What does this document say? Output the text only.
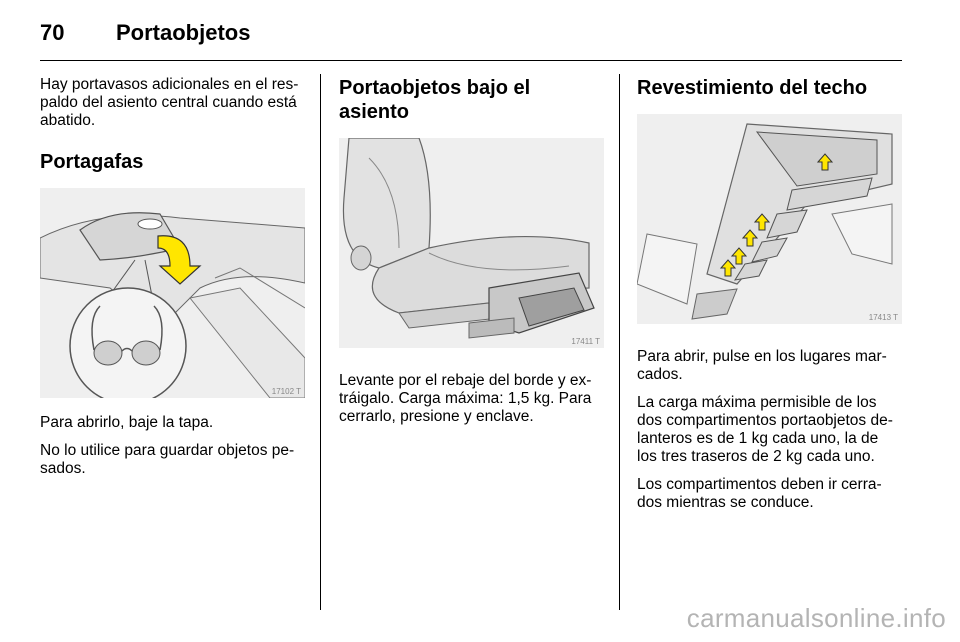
70 Portaobjetos

Hay portavasos adicionales en el res-
paldo del asiento central cuando está
abatido.

Portagafas
17102 T

Para abrirlo, baje la tapa.

No lo utilice para guardar objetos pe-
sados.

Portaobjetos bajo el asiento
17411 T

Levante por el rebaje del borde y ex-
tráigalo. Carga máxima: 1,5 kg. Para
cerrarlo, presione y enclave.

Revestimiento del techo
17413 T

Para abrir, pulse en los lugares mar-
cados.

La carga máxima permisible de los
dos compartimentos portaobjetos de-
lanteros es de 1 kg cada uno, la de
los tres traseros de 2 kg cada uno.

Los compartimentos deben ir cerra-
dos mientras se conduce.

carmanualsonline.info
